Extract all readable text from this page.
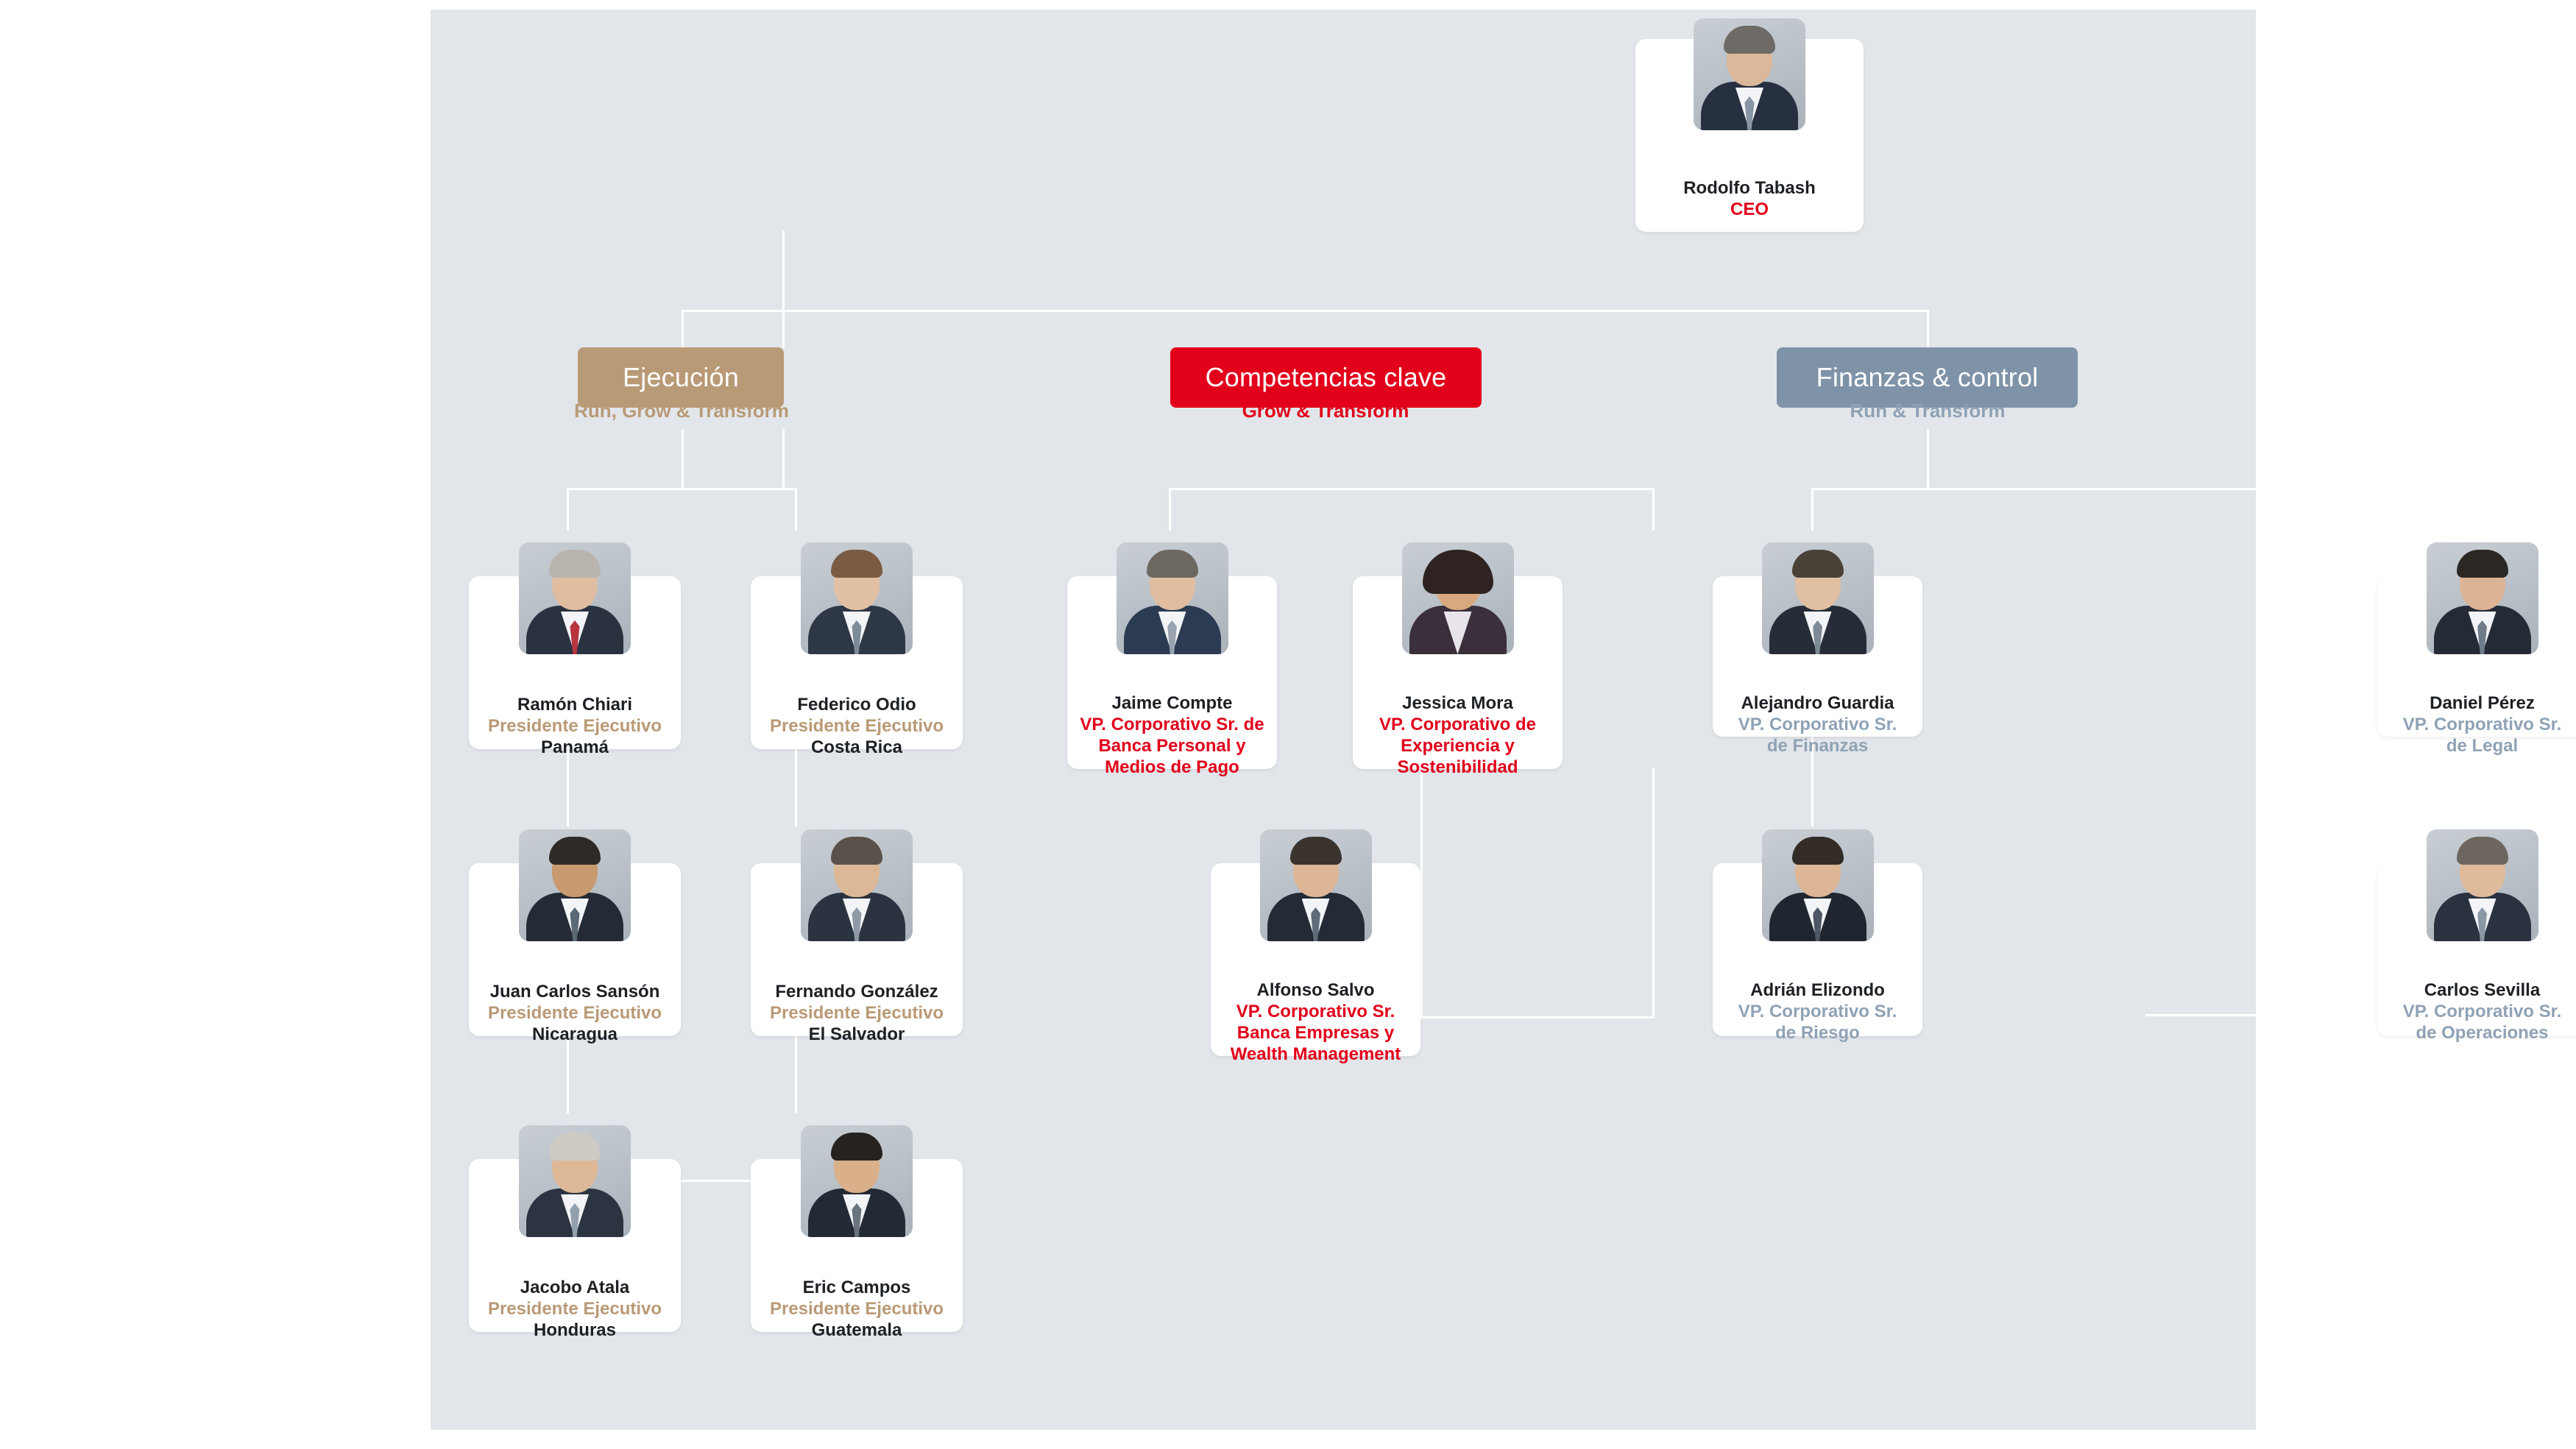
Rodolfo Tabash
CEO
Ejecución
Run, Grow & Transform
Competencias clave
Grow & Transform
Finanzas & control
Run & Transform
Ramón Chiari
Presidente Ejecutivo
Panamá
Federico Odio
Presidente Ejecutivo
Costa Rica
Juan Carlos Sansón
Presidente Ejecutivo
Nicaragua
Fernando González
Presidente Ejecutivo
El Salvador
Jacobo Atala
Presidente Ejecutivo
Honduras
Eric Campos
Presidente Ejecutivo
Guatemala
Jaime Compte
VP. Corporativo Sr. de Banca Personal y Medios de Pago
Jessica Mora
VP. Corporativo de Experiencia y Sostenibilidad
Alfonso Salvo
VP. Corporativo Sr. Banca Empresas y Wealth Management
Alejandro Guardia
VP. Corporativo Sr. de Finanzas
Daniel Pérez
VP. Corporativo Sr. de Legal
Adrián Elizondo
VP. Corporativo Sr. de Riesgo
Carlos Sevilla
VP. Corporativo Sr. de Operaciones
